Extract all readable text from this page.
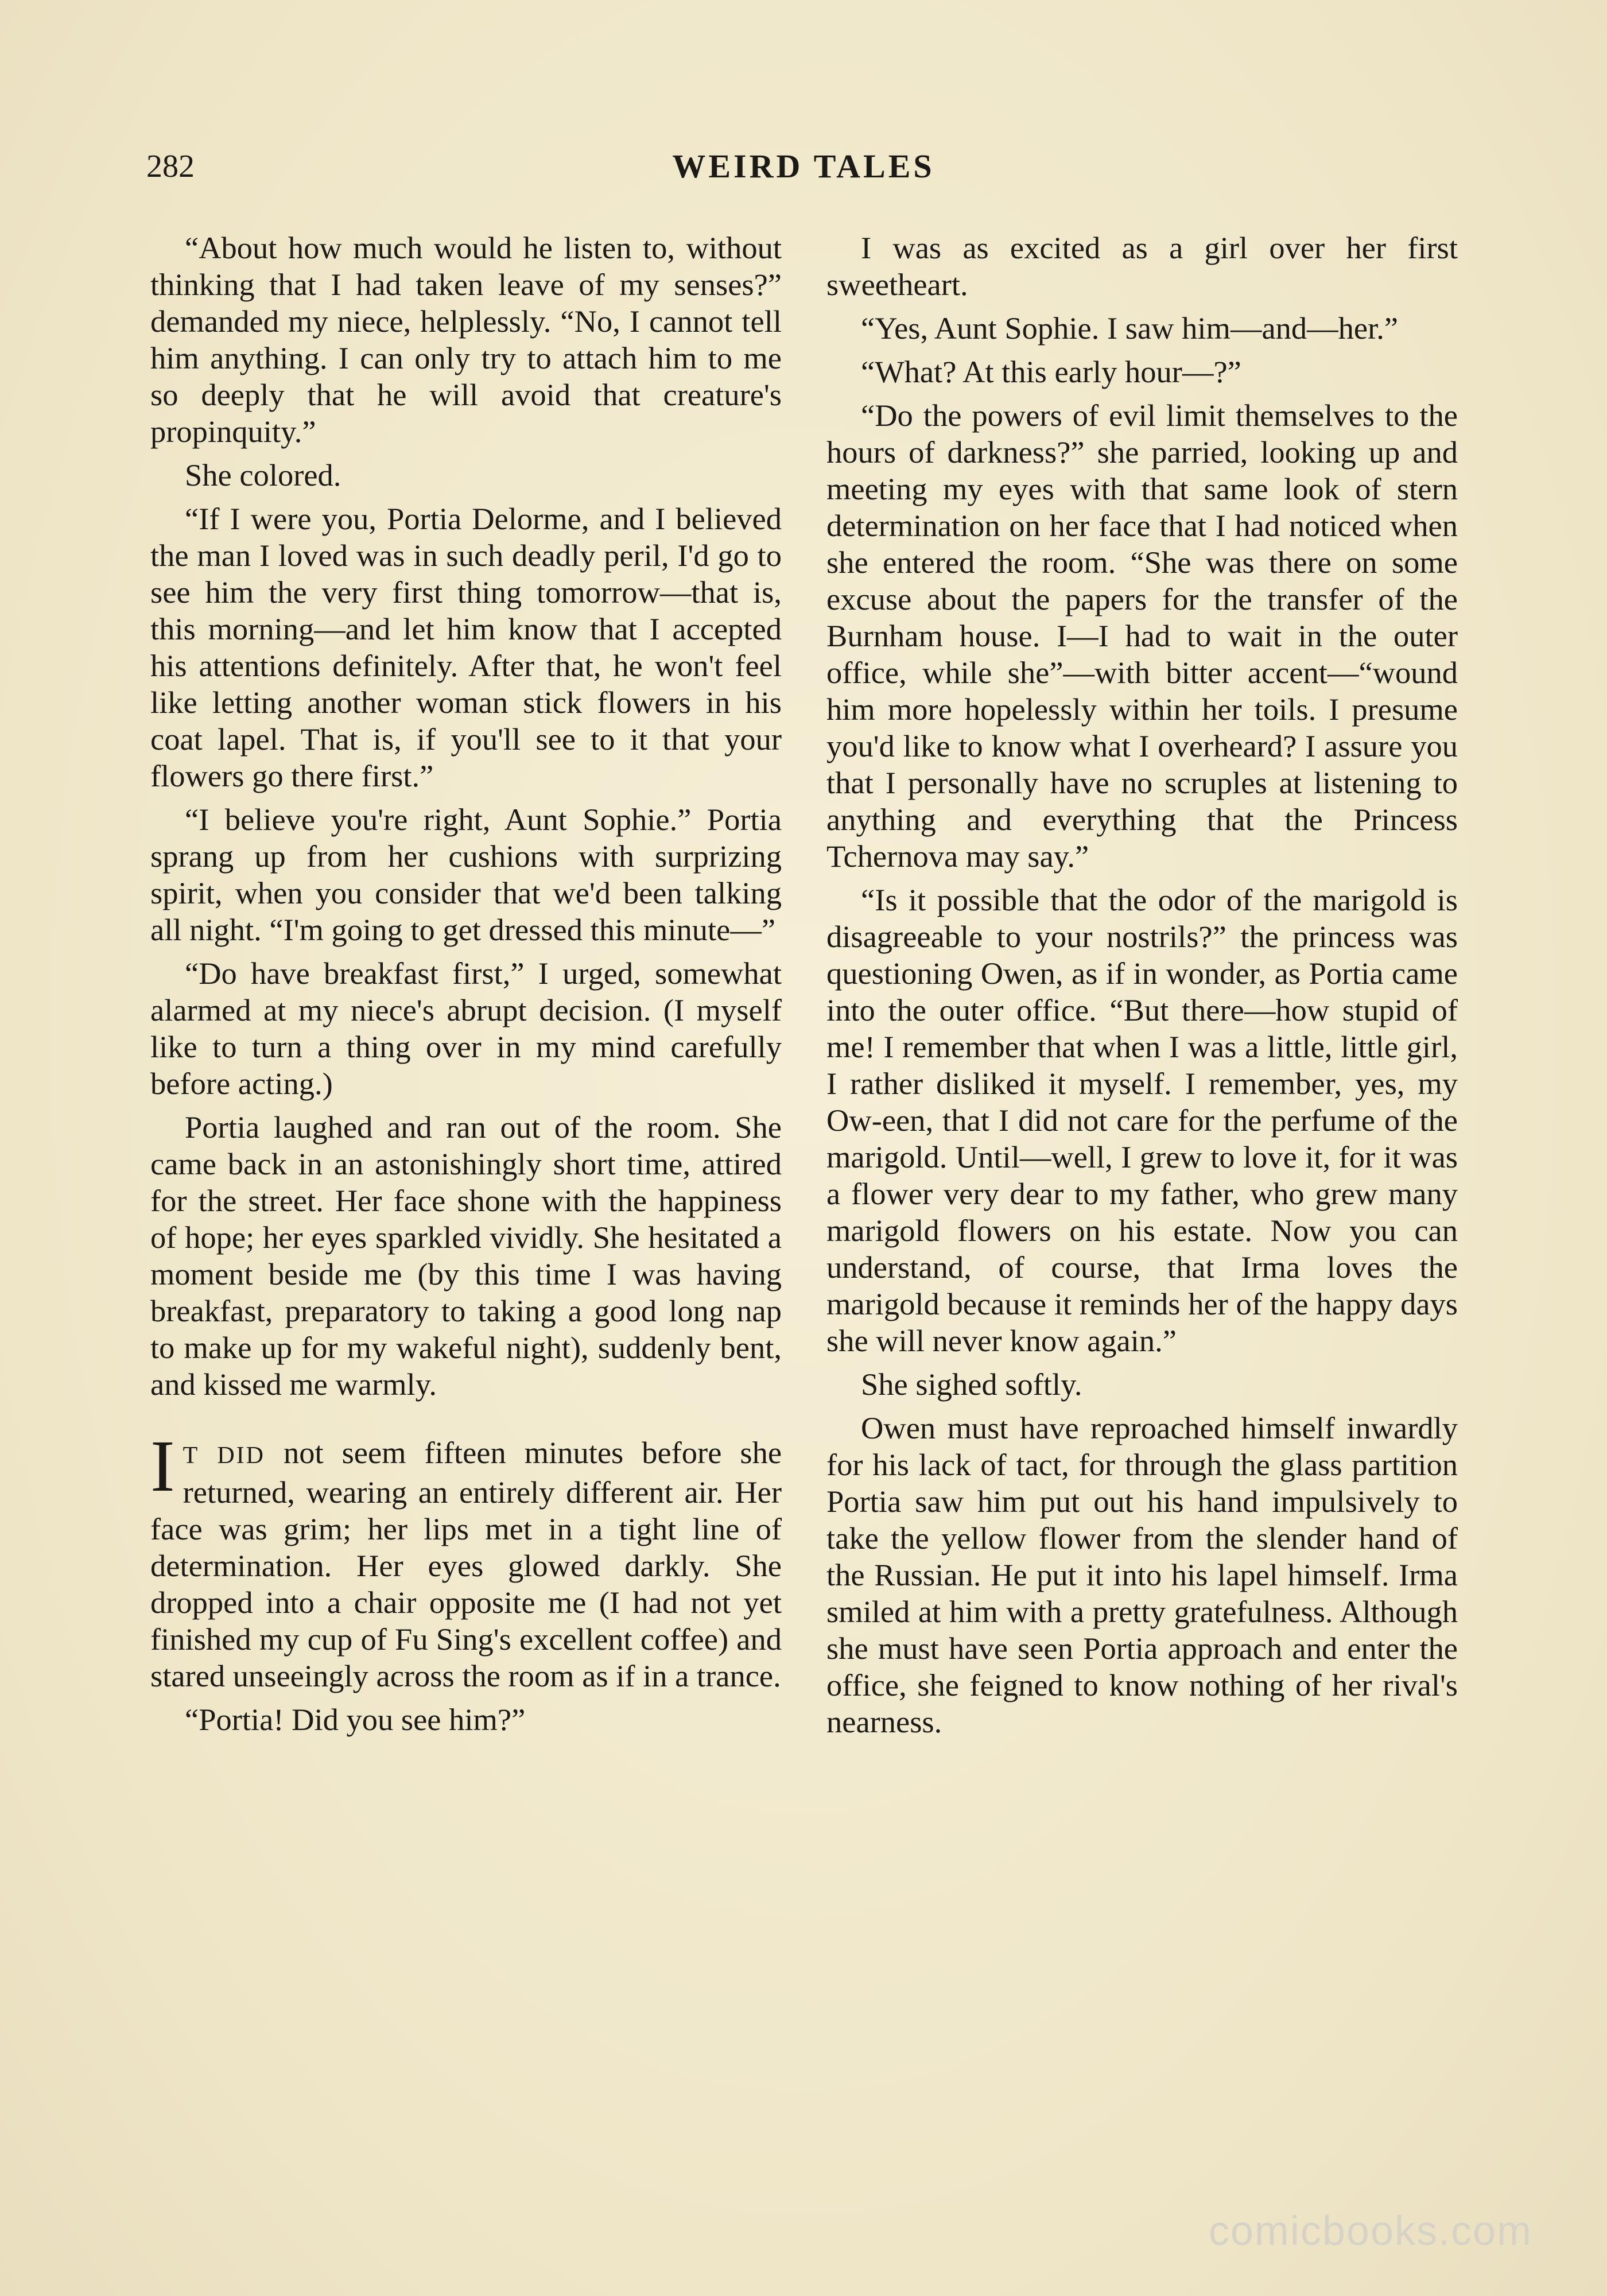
282	WEIRD TALES

“About how much would he listen to, without thinking that I had taken leave of my senses?” demanded my niece, helplessly. “No, I cannot tell him anything. I can only try to attach him to me so deeply that he will avoid that creature's propinquity.”

She colored.

“If I were you, Portia Delorme, and I believed the man I loved was in such deadly peril, I'd go to see him the very first thing tomorrow—that is, this morning—and let him know that I accepted his attentions definitely. After that, he won't feel like letting another woman stick flowers in his coat lapel. That is, if you'll see to it that your flowers go there first.”

“I believe you're right, Aunt Sophie.” Portia sprang up from her cushions with surprizing spirit, when you consider that we'd been talking all night. “I'm going to get dressed this minute—”

“Do have breakfast first,” I urged, somewhat alarmed at my niece's abrupt decision. (I myself like to turn a thing over in my mind carefully before acting.)

Portia laughed and ran out of the room. She came back in an astonishingly short time, attired for the street. Her face shone with the happiness of hope; her eyes sparkled vividly. She hesitated a moment beside me (by this time I was having breakfast, preparatory to taking a good long nap to make up for my wakeful night), suddenly bent, and kissed me warmly.

I T DID not seem fifteen minutes before she returned, wearing an entirely different air. Her face was grim; her lips met in a tight line of determination. Her eyes glowed darkly. She dropped into a chair opposite me (I had not yet finished my cup of Fu Sing's excellent coffee) and stared unseeingly across the room as if in a trance.

“Portia! Did you see him?”

I was as excited as a girl over her first sweetheart.

“Yes, Aunt Sophie. I saw him—and—her.”

“What? At this early hour—?”

“Do the powers of evil limit themselves to the hours of darkness?” she parried, looking up and meeting my eyes with that same look of stern determination on her face that I had noticed when she entered the room. “She was there on some excuse about the papers for the transfer of the Burnham house. I—I had to wait in the outer office, while she”—with bitter accent—“wound him more hopelessly within her toils. I presume you'd like to know what I overheard? I assure you that I personally have no scruples at listening to anything and everything that the Princess Tchernova may say.”

“Is it possible that the odor of the marigold is disagreeable to your nostrils?” the princess was questioning Owen, as if in wonder, as Portia came into the outer office. “But there—how stupid of me! I remember that when I was a little, little girl, I rather disliked it myself. I remember, yes, my Ow-een, that I did not care for the perfume of the marigold. Until—well, I grew to love it, for it was a flower very dear to my father, who grew many marigold flowers on his estate. Now you can understand, of course, that Irma loves the marigold because it reminds her of the happy days she will never know again.”

She sighed softly.

Owen must have reproached himself inwardly for his lack of tact, for through the glass partition Portia saw him put out his hand impulsively to take the yellow flower from the slender hand of the Russian. He put it into his lapel himself. Irma smiled at him with a pretty gratefulness. Although she must have seen Portia approach and enter the office, she feigned to know nothing of her rival's nearness.

comicbooks.com
